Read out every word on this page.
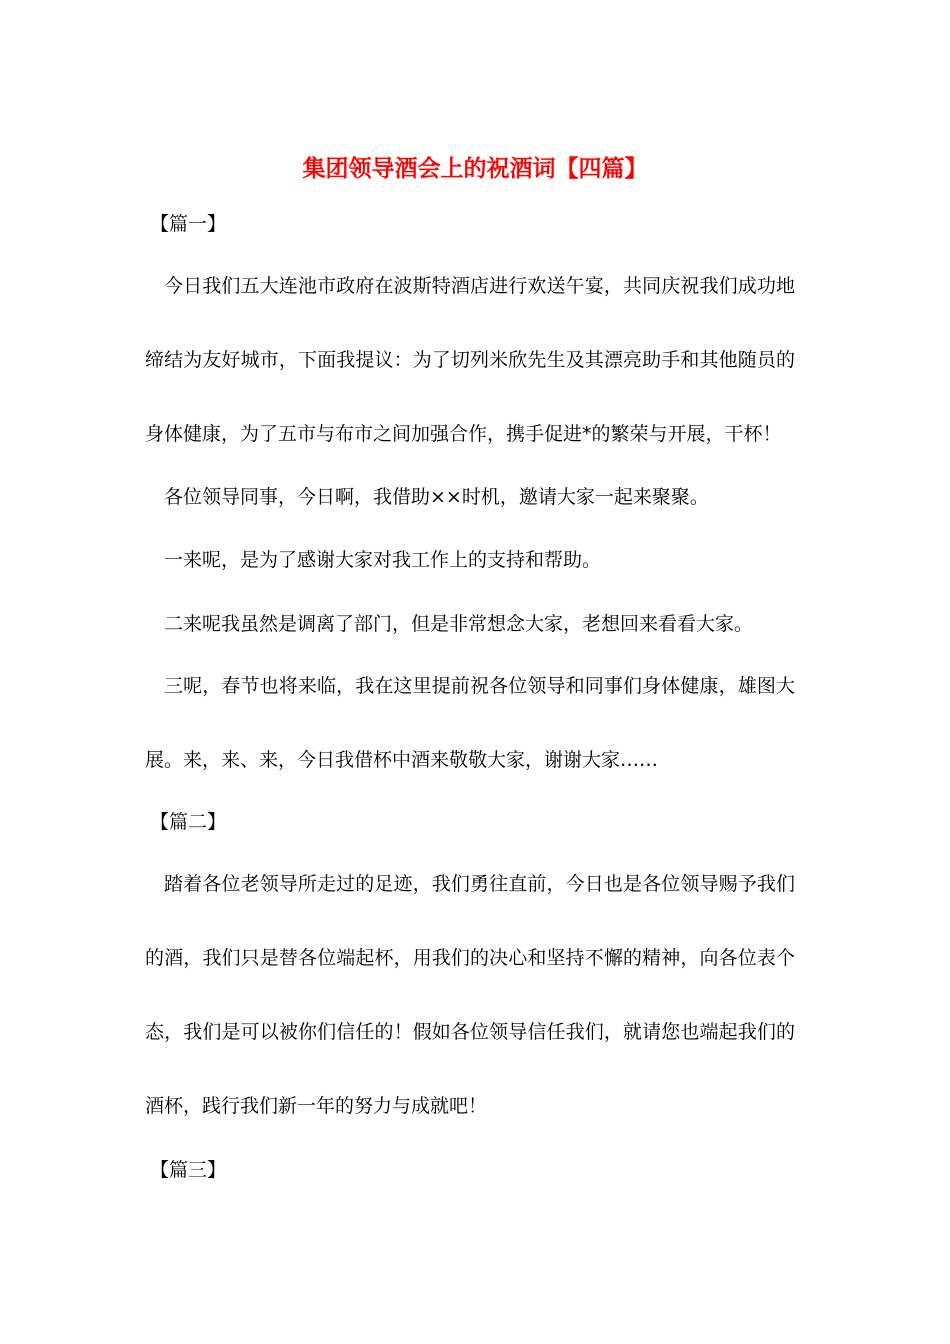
集团领导酒会上的祝酒词【四篇】
【篇一】
今日我们五大连池市政府在波斯特酒店进行欢送午宴，共同庆祝我们成功地缔结为友好城市，下面我提议：为了切列米欣先生及其漂亮助手和其他随员的身体健康，为了五市与布市之间加强合作，携手促进*的繁荣与开展，干杯！
各位领导同事，今日啊，我借助××时机，邀请大家一起来聚聚。
一来呢，是为了感谢大家对我工作上的支持和帮助。
二来呢我虽然是调离了部门，但是非常想念大家，老想回来看看大家。
三呢，春节也将来临，我在这里提前祝各位领导和同事们身体健康，雄图大展。来，来、来，今日我借杯中酒来敬敬大家，谢谢大家……
【篇二】
踏着各位老领导所走过的足迹，我们勇往直前，今日也是各位领导赐予我们的酒，我们只是替各位端起杯，用我们的决心和坚持不懈的精神，向各位表个态，我们是可以被你们信任的！假如各位领导信任我们，就请您也端起我们的酒杯，践行我们新一年的努力与成就吧！
【篇三】
